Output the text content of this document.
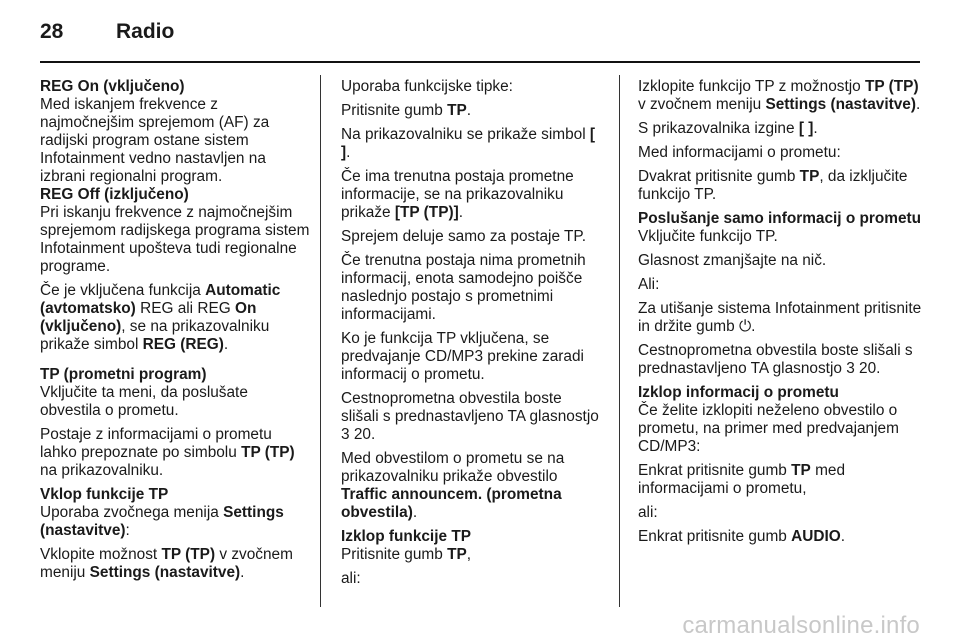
28	Radio

REG On (vključeno)
Med iskanjem frekvence z najmočnejšim sprejemom (AF) za radijski program ostane sistem Infotainment vedno nastavljen na izbrani regionalni program.

REG Off (izključeno)
Pri iskanju frekvence z najmočnejšim sprejemom radijskega programa sistem Infotainment upošteva tudi regionalne programe.

Če je vključena funkcija Automatic (avtomatsko) REG ali REG On (vključeno), se na prikazovalniku prikaže simbol REG (REG).

TP (prometni program)
Vključite ta meni, da poslušate obvestila o prometu.

Postaje z informacijami o prometu lahko prepoznate po simbolu TP (TP) na prikazovalniku.

Vklop funkcije TP
Uporaba zvočnega menija Settings (nastavitve):

Vklopite možnost TP (TP) v zvočnem meniju Settings (nastavitve).

Uporaba funkcijske tipke:

Pritisnite gumb TP.

Na prikazovalniku se prikaže simbol [ ].

Če ima trenutna postaja prometne informacije, se na prikazovalniku prikaže [TP (TP)].

Sprejem deluje samo za postaje TP.

Če trenutna postaja nima prometnih informacij, enota samodejno poišče naslednjo postajo s prometnimi informacijami.

Ko je funkcija TP vključena, se predvajanje CD/MP3 prekine zaradi informacij o prometu.

Cestnoprometna obvestila boste slišali s prednastavljeno TA glasnostjo 3 20.

Med obvestilom o prometu se na prikazovalniku prikaže obvestilo Traffic announcem. (prometna obvestila).

Izklop funkcije TP
Pritisnite gumb TP,

ali:

Izklopite funkcijo TP z možnostjo TP (TP) v zvočnem meniju Settings (nastavitve).

S prikazovalnika izgine [ ].

Med informacijami o prometu:

Dvakrat pritisnite gumb TP, da izključite funkcijo TP.

Poslušanje samo informacij o prometu
Vključite funkcijo TP.

Glasnost zmanjšajte na nič.

Ali:

Za utišanje sistema Infotainment pritisnite in držite gumb ⏻.

Cestnoprometna obvestila boste slišali s prednastavljeno TA glasnostjo 3 20.

Izklop informacij o prometu
Če želite izklopiti neželeno obvestilo o prometu, na primer med predvajanjem CD/MP3:

Enkrat pritisnite gumb TP med informacijami o prometu,

ali:

Enkrat pritisnite gumb AUDIO.

carmanualsonline.info
